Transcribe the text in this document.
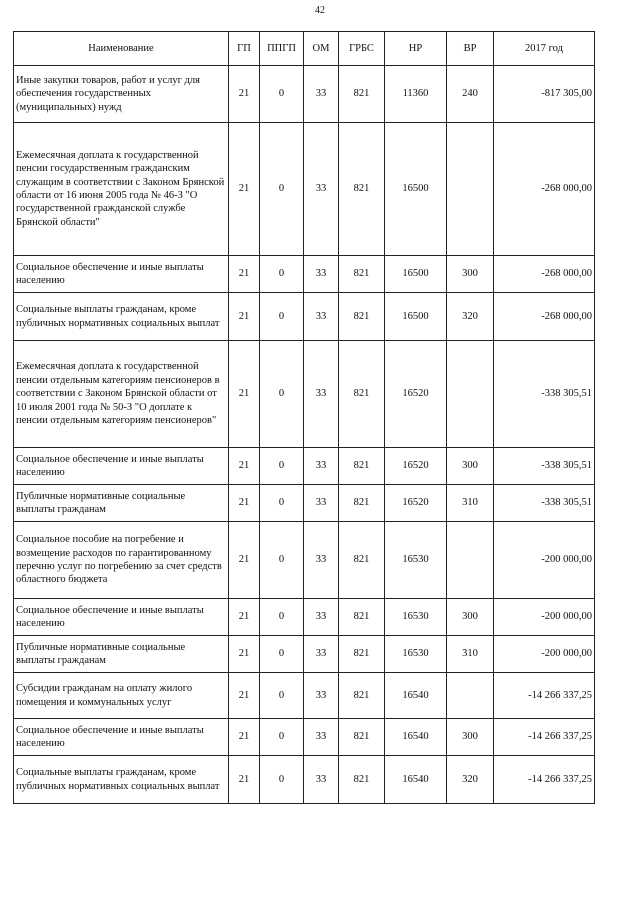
42
Наименование	ГП	ППГП	ОМ	ГРБС	НР	ВР	2017 год
Иные закупки товаров, работ и услуг для обеспечения государственных (муниципальных) нужд	21	0	33	821	11360	240	-817 305,00
Ежемесячная доплата к государственной пенсии государственным гражданским служащим в соответствии с Законом Брянской области от 16 июня 2005 года № 46-З "О государственной гражданской службе Брянской области"	21	0	33	821	16500		-268 000,00
Социальное обеспечение и иные выплаты населению	21	0	33	821	16500	300	-268 000,00
Социальные выплаты гражданам, кроме публичных нормативных социальных выплат	21	0	33	821	16500	320	-268 000,00
Ежемесячная доплата к государственной пенсии отдельным категориям пенсионеров в соответствии с Законом Брянской области от 10 июля 2001 года № 50-З "О доплате к пенсии отдельным категориям пенсионеров"	21	0	33	821	16520		-338 305,51
Социальное обеспечение и иные выплаты населению	21	0	33	821	16520	300	-338 305,51
Публичные нормативные социальные выплаты гражданам	21	0	33	821	16520	310	-338 305,51
Социальное пособие на погребение и возмещение расходов по гарантированному перечню услуг по погребению за счет средств областного бюджета	21	0	33	821	16530		-200 000,00
Социальное обеспечение и иные выплаты населению	21	0	33	821	16530	300	-200 000,00
Публичные нормативные социальные выплаты гражданам	21	0	33	821	16530	310	-200 000,00
Субсидии гражданам на оплату жилого помещения и коммунальных услуг	21	0	33	821	16540		-14 266 337,25
Социальное обеспечение и иные выплаты населению	21	0	33	821	16540	300	-14 266 337,25
Социальные выплаты гражданам, кроме публичных нормативных социальных выплат	21	0	33	821	16540	320	-14 266 337,25
